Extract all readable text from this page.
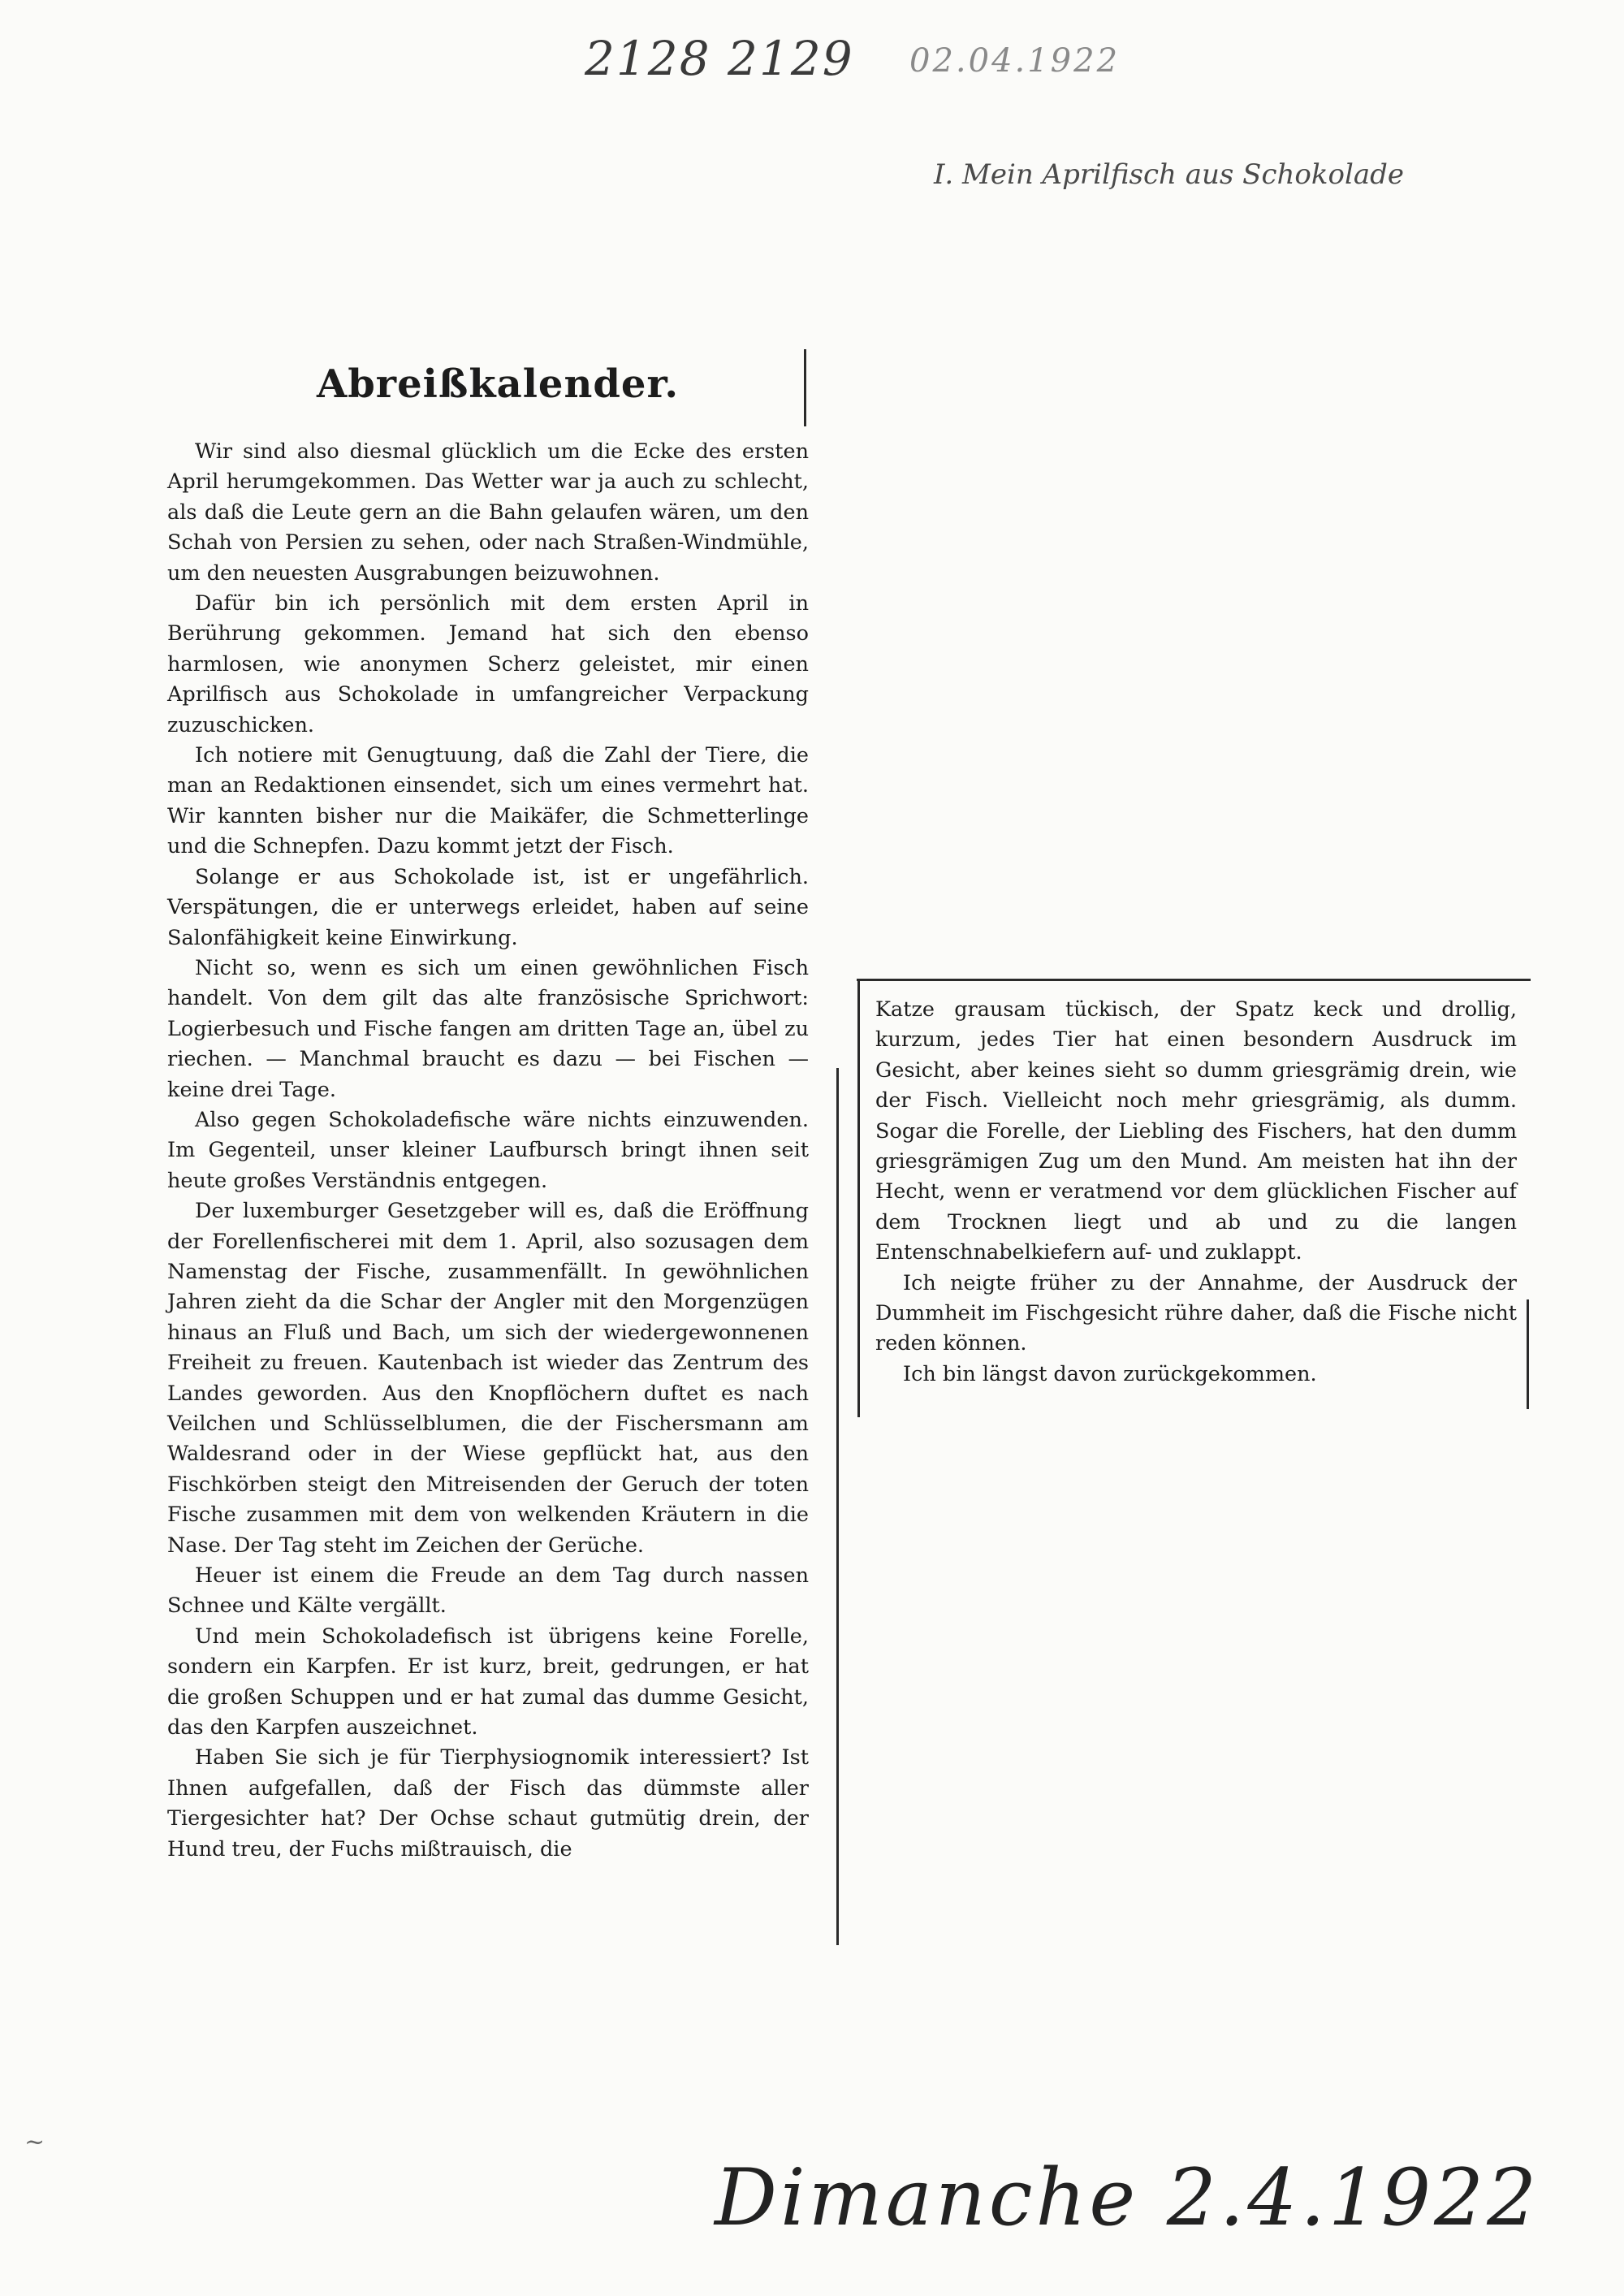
2128 2129 02.04.1922
I. Mein Aprilfisch aus Schokolade
Abreißkalender.

Wir sind also diesmal glücklich um die Ecke des ersten April herumgekommen. Das Wetter war ja auch zu schlecht, als daß die Leute gern an die Bahn gelaufen wären, um den Schah von Persien zu sehen, oder nach Straßen-Windmühle, um den neuesten Ausgrabungen beizuwohnen.

Dafür bin ich persönlich mit dem ersten April in Berührung gekommen. Jemand hat sich den ebenso harmlosen, wie anonymen Scherz geleistet, mir einen Aprilfisch aus Schokolade in umfangreicher Verpackung zuzuschicken.

Ich notiere mit Genugtuung, daß die Zahl der Tiere, die man an Redaktionen einsendet, sich um eines vermehrt hat. Wir kannten bisher nur die Maikäfer, die Schmetterlinge und die Schnepfen. Dazu kommt jetzt der Fisch.

Solange er aus Schokolade ist, ist er ungefährlich. Verspätungen, die er unterwegs erleidet, haben auf seine Salonfähigkeit keine Einwirkung.

Nicht so, wenn es sich um einen gewöhnlichen Fisch handelt. Von dem gilt das alte französische Sprichwort: Logierbesuch und Fische fangen am dritten Tage an, übel zu riechen. — Manchmal braucht es dazu — bei Fischen — keine drei Tage.

Also gegen Schokoladefische wäre nichts einzuwenden. Im Gegenteil, unser kleiner Laufbursch bringt ihnen seit heute großes Verständnis entgegen.

Der luxemburger Gesetzgeber will es, daß die Eröffnung der Forellenfischerei mit dem 1. April, also sozusagen dem Namenstag der Fische, zusammenfällt. In gewöhnlichen Jahren zieht da die Schar der Angler mit den Morgenzügen hinaus an Fluß und Bach, um sich der wiedergewonnenen Freiheit zu freuen. Kautenbach ist wieder das Zentrum des Landes geworden. Aus den Knopflöchern duftet es nach Veilchen und Schlüsselblumen, die der Fischersmann am Waldesrand oder in der Wiese gepflückt hat, aus den Fischkörben steigt den Mitreisenden der Geruch der toten Fische zusammen mit dem von welkenden Kräutern in die Nase. Der Tag steht im Zeichen der Gerüche.

Heuer ist einem die Freude an dem Tag durch nassen Schnee und Kälte vergällt.

Und mein Schokoladefisch ist übrigens keine Forelle, sondern ein Karpfen. Er ist kurz, breit, gedrungen, er hat die großen Schuppen und er hat zumal das dumme Gesicht, das den Karpfen auszeichnet.

Haben Sie sich je für Tierphysiognomik interessiert? Ist Ihnen aufgefallen, daß der Fisch das dümmste aller Tiergesichter hat? Der Ochse schaut gutmütig drein, der Hund treu, der Fuchs mißtrauisch, die

Katze grausam tückisch, der Spatz keck und drollig, kurzum, jedes Tier hat einen besondern Ausdruck im Gesicht, aber keines sieht so dumm griesgrämig drein, wie der Fisch. Vielleicht noch mehr griesgrämig, als dumm. Sogar die Forelle, der Liebling des Fischers, hat den dumm griesgrämigen Zug um den Mund. Am meisten hat ihn der Hecht, wenn er veratmend vor dem glücklichen Fischer auf dem Trocknen liegt und ab und zu die langen Entenschnabelkiefern auf- und zuklappt.

Ich neigte früher zu der Annahme, der Ausdruck der Dummheit im Fischgesicht rühre daher, daß die Fische nicht reden können.

Ich bin längst davon zurückgekommen.

~
Dimanche 2.4.1922
